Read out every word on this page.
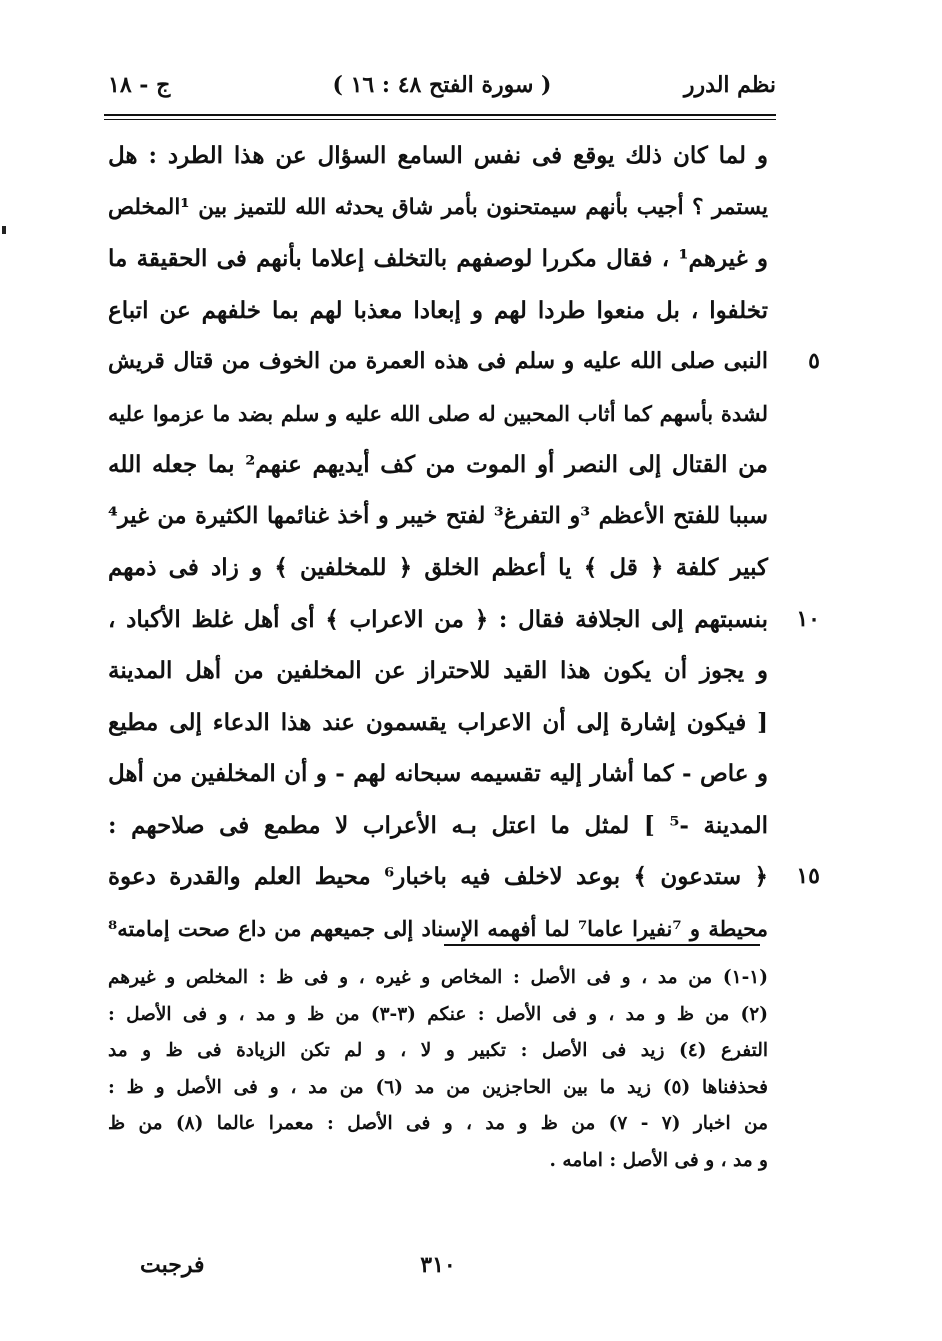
نظم الدرر
( سورة الفتح ٤٨ : ١٦ )
ج - ١٨
و لما كان ذلك يوقع فى نفس السامع السؤال عن هذا الطرد : هل
يستمر ؟ أجيب بأنهم سيمتحنون بأمر شاق يحدثه الله للتميز بين ¹المخلص
و غيرهم¹ ، فقال مكررا لوصفهم بالتخلف إعلاما بأنهم فى الحقيقة ما
تخلفوا ، بل منعوا طردا لهم و إبعادا معذبا لهم بما خلفهم عن اتباع
النبى صلى الله عليه و سلم فى هذه العمرة من الخوف من قتال قريش	٥
لشدة بأسهم كما أثاب المحبين له صلى الله عليه و سلم بضد ما عزموا عليه
من القتال إلى النصر أو الموت من كف أيديهم عنهم² بما جعله الله
سببا للفتح الأعظم ³و التفرغ³ لفتح خيبر و أخذ غنائمها الكثيرة من غير⁴
كبير كلفة ﴿ قل ﴾ يا أعظم الخلق ﴿ للمخلفين ﴾ و زاد فى ذمهم
بنسبتهم إلى الجلافة فقال : ﴿ من الاعراب ﴾ أى أهل غلظ الأكباد ،	١٠
و يجوز أن يكون هذا القيد للاحتراز عن المخلفين من أهل المدينة
[ فيكون إشارة إلى أن الاعراب يقسمون عند هذا الدعاء إلى مطيع
و عاص - كما أشار إليه تقسيمه سبحانه لهم - و أن المخلفين من أهل
المدينة -⁵ ] لمثل ما اعتل بـه الأعراب لا مطمع فى صلاحهم :
﴿ ستدعون ﴾ بوعد لاخلف فيه باخبار⁶ محيط العلم والقدرة دعوة	١٥
محيطة و ⁷نفيرا عاما⁷ لما أفهمه الإسناد إلى جميعهم من داع صحت إمامته⁸
(١-١) من مد ، و فى الأصل : المخاص و غيره ، و فى ظ : المخلص و غيرهم
(٢) من ظ و مد ، و فى الأصل : عنكم (٣-٣) من ظ و مد ، و فى الأصل :
التفرع (٤) زيد فى الأصل : تكبير و لا ، و لم تكن الزيادة فى ظ و مد
فحذفناها (٥) زيد ما بين الحاجزين من مد (٦) من مد ، و فى الأصل و ظ :
من اخبار (٧ - ٧) من ظ و مد ، و فى الأصل : معمرا عالما (٨) من ظ
و مد ، و فى الأصل : امامه .
٣١٠
فرجبت
